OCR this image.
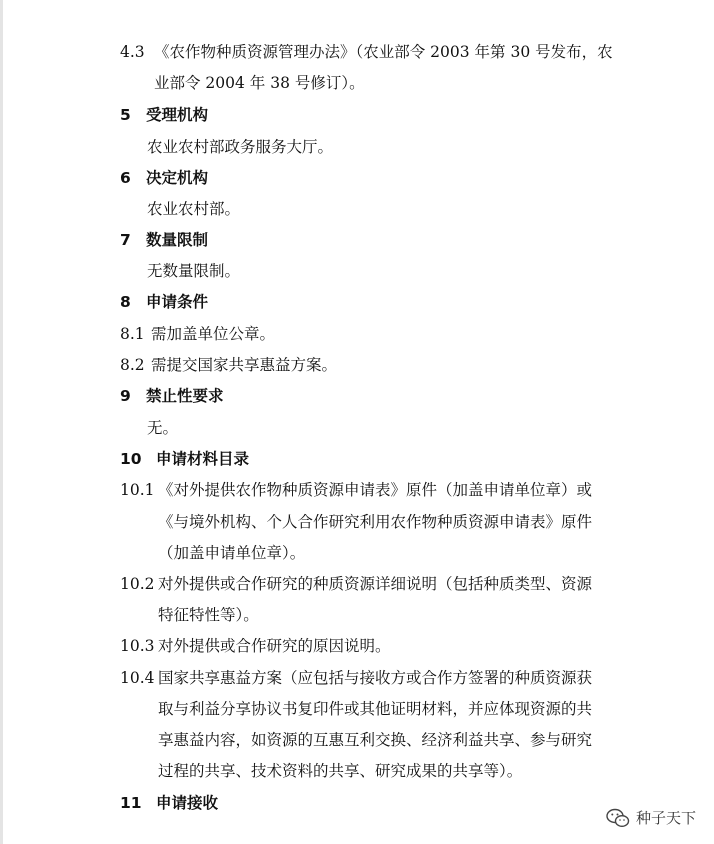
4.3 《农作物种质资源管理办法》（农业部令 2003 年第 30 号发布，农
业部令 2004 年 38 号修订）。
5 受理机构
农业农村部政务服务大厅。
6 决定机构
农业农村部。
7 数量限制
无数量限制。
8 申请条件
8.1 需加盖单位公章。
8.2 需提交国家共享惠益方案。
9 禁止性要求
无。
10 申请材料目录
10.1 《对外提供农作物种质资源申请表》原件（加盖申请单位章）或
《与境外机构、个人合作研究利用农作物种质资源申请表》原件
（加盖申请单位章）。
10.2 对外提供或合作研究的种质资源详细说明（包括种质类型、资源
特征特性等）。
10.3 对外提供或合作研究的原因说明。
10.4 国家共享惠益方案（应包括与接收方或合作方签署的种质资源获
取与利益分享协议书复印件或其他证明材料，并应体现资源的共
享惠益内容，如资源的互惠互利交换、经济利益共享、参与研究
过程的共享、技术资料的共享、研究成果的共享等）。
11 申请接收
种子天下
